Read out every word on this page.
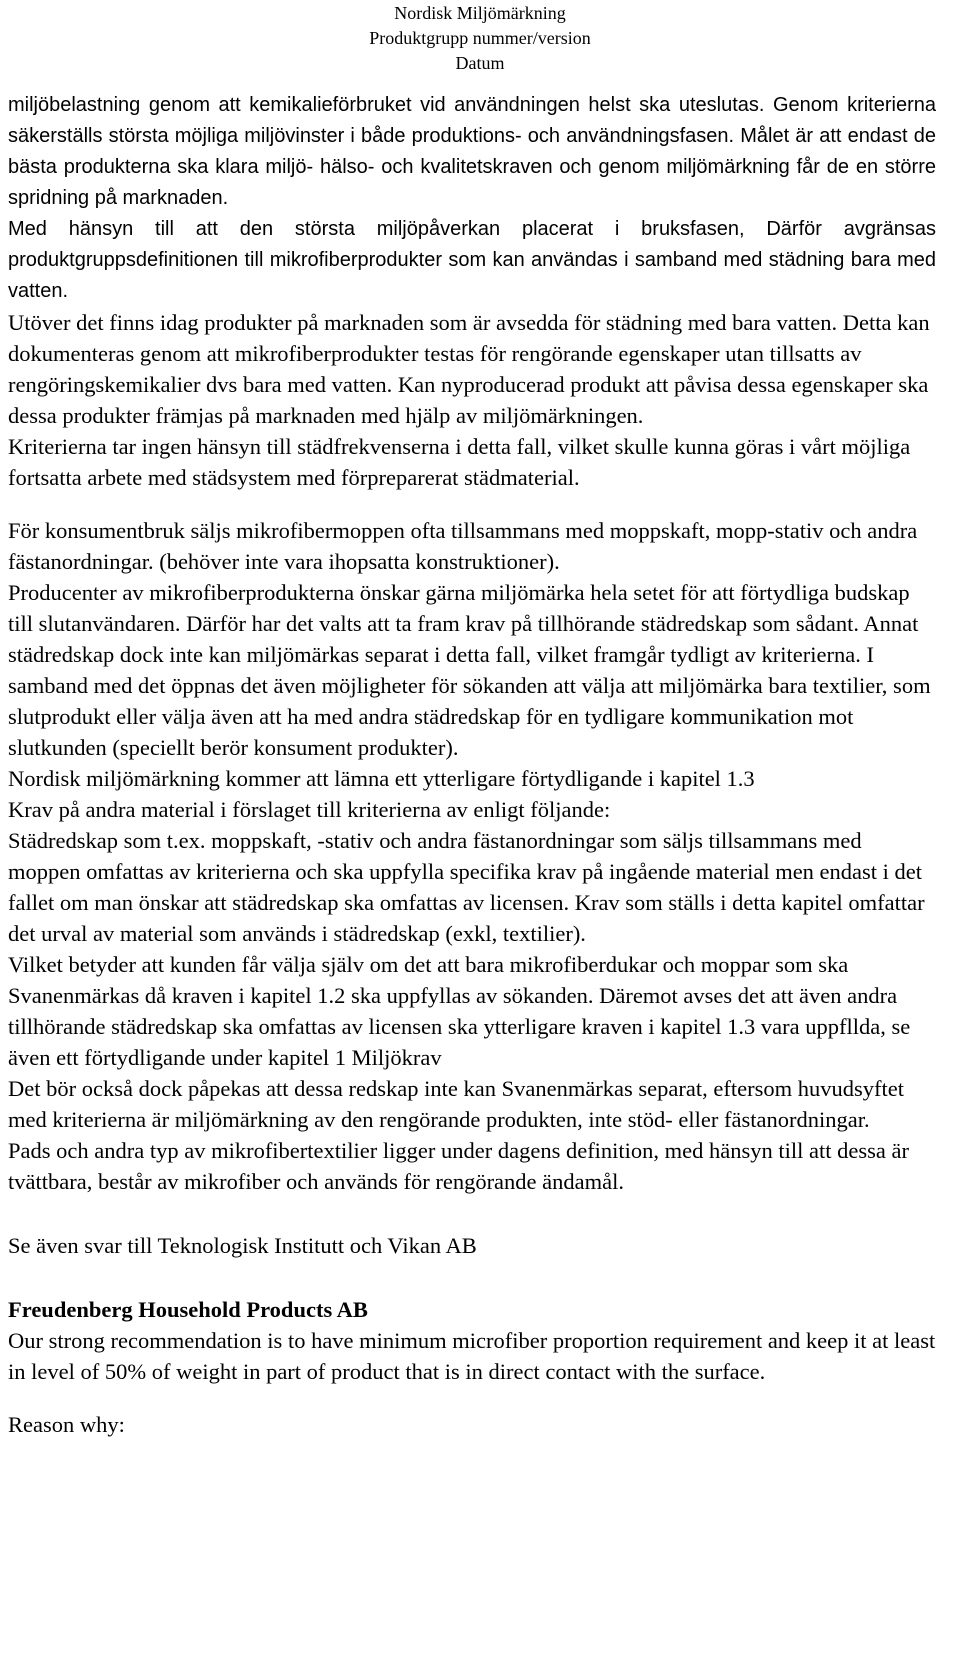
Nordisk Miljömärkning
Produktgrupp nummer/version
Datum

miljöbelastning genom att kemikalieförbruket vid användningen helst ska uteslutas. Genom kriterierna säkerställs största möjliga miljövinster i både produktions- och användningsfasen. Målet är att endast de bästa produkterna ska klara miljö- hälso- och kvalitetskraven och genom miljömärkning får de en större spridning på marknaden.

Med hänsyn till att den största miljöpåverkan placerat i bruksfasen, Därför avgränsas produktgruppsdefinitionen till mikrofiberprodukter som kan användas i samband med städning bara med vatten.

Utöver det finns idag produkter på marknaden som är avsedda för städning med bara vatten. Detta kan dokumenteras genom att mikrofiberprodukter testas för rengörande egenskaper utan tillsatts av rengöringskemikalier dvs bara med vatten. Kan nyproducerad produkt att påvisa dessa egenskaper ska dessa produkter främjas på marknaden med hjälp av miljömärkningen.

Kriterierna tar ingen hänsyn till städfrekvenserna i detta fall, vilket skulle kunna göras i vårt möjliga fortsatta arbete med städsystem med förpreparerat städmaterial.

För konsumentbruk säljs mikrofibermoppen ofta tillsammans med moppskaft, mopp-stativ och andra fästanordningar. (behöver inte vara ihopsatta konstruktioner).

Producenter av mikrofiberprodukterna önskar gärna miljömärka hela setet för att förtydliga budskap till slutanvändaren. Därför har det valts att ta fram krav på tillhörande städredskap som sådant. Annat städredskap dock inte kan miljömärkas separat i detta fall, vilket framgår tydligt av kriterierna. I samband med det öppnas det även möjligheter för sökanden att välja att miljömärka bara textilier, som slutprodukt eller välja även att ha med andra städredskap för en tydligare kommunikation mot slutkunden (speciellt berör konsument produkter).

Nordisk miljömärkning kommer att lämna ett ytterligare förtydligande i kapitel 1.3

Krav på andra material i förslaget till kriterierna av enligt följande:

Städredskap som t.ex. moppskaft, -stativ och andra fästanordningar som säljs tillsammans med moppen omfattas av kriterierna och ska uppfylla specifika krav på ingående material men endast i det fallet om man önskar att städredskap ska omfattas av licensen. Krav som ställs i detta kapitel omfattar det urval av material som används i städredskap (exkl, textilier).

Vilket betyder att kunden får välja själv om det att bara mikrofiberdukar och moppar som ska Svanenmärkas då kraven i kapitel 1.2 ska uppfyllas av sökanden. Däremot avses det att även andra tillhörande städredskap ska omfattas av licensen ska ytterligare kraven i kapitel 1.3 vara uppfllda, se även ett förtydligande under kapitel 1 Miljökrav

Det bör också dock påpekas att dessa redskap inte kan Svanenmärkas separat, eftersom huvudsyftet med kriterierna är miljömärkning av den rengörande produkten, inte stöd- eller fästanordningar.

Pads och andra typ av mikrofibertextilier ligger under dagens definition, med hänsyn till att dessa är tvättbara, består av mikrofiber och används för rengörande ändamål.

Se även svar till Teknologisk Institutt och Vikan AB
Freudenberg Household Products AB
Our strong recommendation is to have minimum microfiber proportion requirement and keep it at least in level of 50% of weight in part of product that is in direct contact with the surface.
Reason why:
